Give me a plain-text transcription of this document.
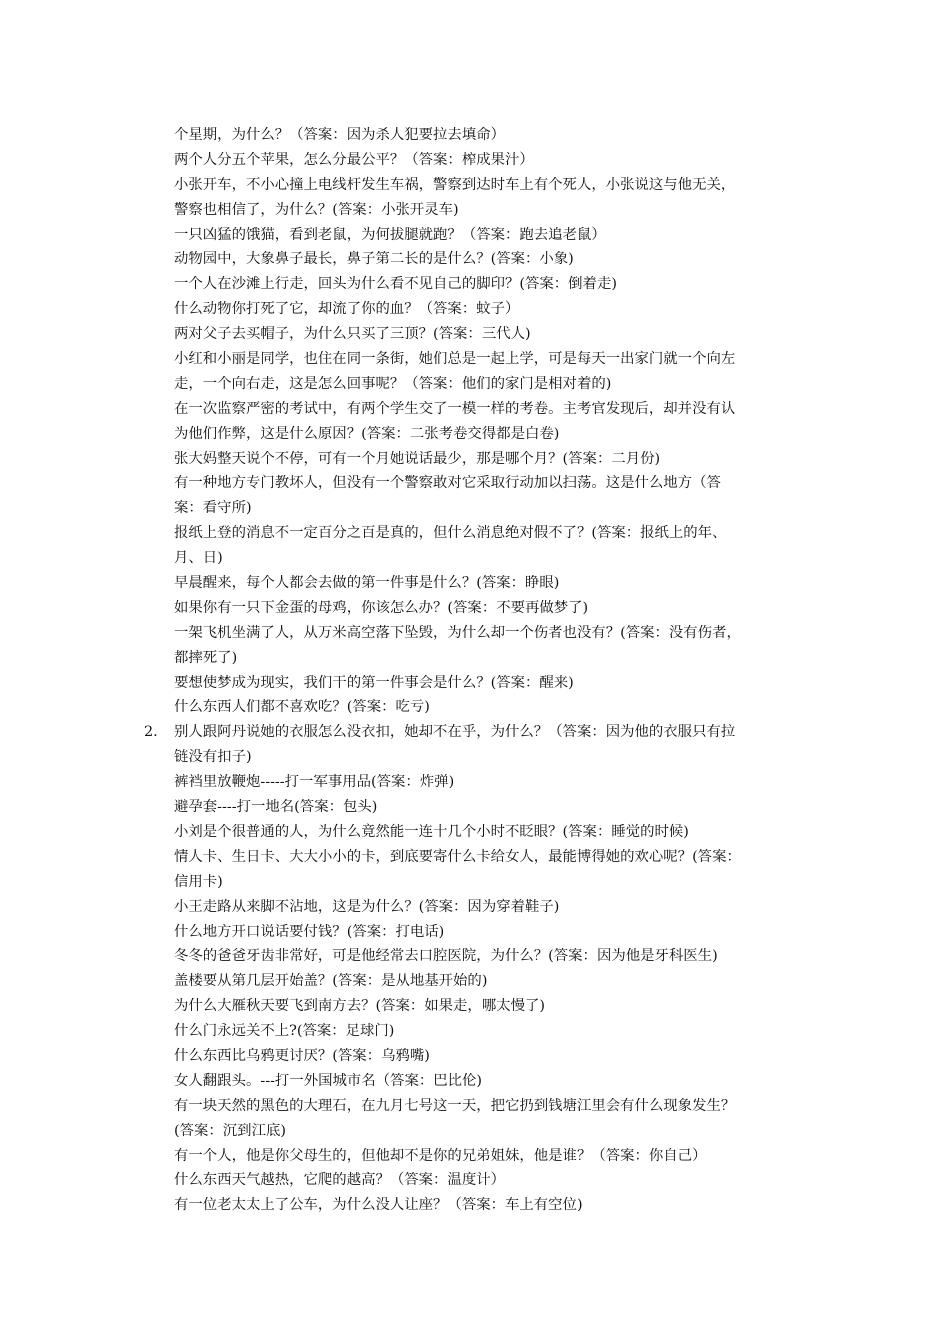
个星期，为什么？（答案：因为杀人犯要拉去填命）
两个人分五个苹果，怎么分最公平？（答案：榨成果汁）
小张开车，不小心撞上电线杆发生车祸，警察到达时车上有个死人，小张说这与他无关，
警察也相信了，为什么？(答案：小张开灵车)
一只凶猛的饿猫，看到老鼠，为何拔腿就跑？（答案：跑去追老鼠）
动物园中，大象鼻子最长，鼻子第二长的是什么？(答案：小象)
一个人在沙滩上行走，回头为什么看不见自己的脚印？(答案：倒着走)
什么动物你打死了它，却流了你的血？（答案：蚊子）
两对父子去买帽子，为什么只买了三顶？(答案：三代人)
小红和小丽是同学，也住在同一条街，她们总是一起上学，可是每天一出家门就一个向左
走，一个向右走，这是怎么回事呢？（答案：他们的家门是相对着的)
在一次监察严密的考试中，有两个学生交了一模一样的考卷。主考官发现后，却并没有认
为他们作弊，这是什么原因？(答案：二张考卷交得都是白卷)
张大妈整天说个不停，可有一个月她说话最少，那是哪个月？(答案：二月份)
有一种地方专门教坏人，但没有一个警察敢对它采取行动加以扫荡。这是什么地方（答
案：看守所)
报纸上登的消息不一定百分之百是真的，但什么消息绝对假不了？(答案：报纸上的年、
月、日)
早晨醒来，每个人都会去做的第一件事是什么？(答案：睁眼)
如果你有一只下金蛋的母鸡，你该怎么办？(答案：不要再做梦了)
一架飞机坐满了人，从万米高空落下坠毁，为什么却一个伤者也没有？(答案：没有伤者，
都摔死了)
要想使梦成为现实，我们干的第一件事会是什么？(答案：醒来)
什么东西人们都不喜欢吃？(答案：吃亏)
2. 别人跟阿丹说她的衣服怎么没衣扣，她却不在乎，为什么？（答案：因为他的衣服只有拉
链没有扣子)
裤裆里放鞭炮-----打一军事用品(答案：炸弹)
避孕套----打一地名(答案：包头)
小刘是个很普通的人，为什么竟然能一连十几个小时不眨眼？(答案：睡觉的时候)
情人卡、生日卡、大大小小的卡，到底要寄什么卡给女人，最能博得她的欢心呢？(答案：
信用卡)
小王走路从来脚不沾地，这是为什么？(答案：因为穿着鞋子)
什么地方开口说话要付钱？(答案：打电话)
冬冬的爸爸牙齿非常好，可是他经常去口腔医院，为什么？(答案：因为他是牙科医生)
盖楼要从第几层开始盖？(答案：是从地基开始的)
为什么大雁秋天要飞到南方去？(答案：如果走，哪太慢了)
什么门永远关不上?(答案：足球门)
什么东西比乌鸦更讨厌？(答案：乌鸦嘴)
女人翻跟头。---打一外国城市名（答案：巴比伦)
有一块天然的黑色的大理石，在九月七号这一天，把它扔到钱塘江里会有什么现象发生？
(答案：沉到江底)
有一个人，他是你父母生的，但他却不是你的兄弟姐妹，他是谁？（答案：你自己）
什么东西天气越热，它爬的越高？（答案：温度计）
有一位老太太上了公车，为什么没人让座？（答案：车上有空位)
